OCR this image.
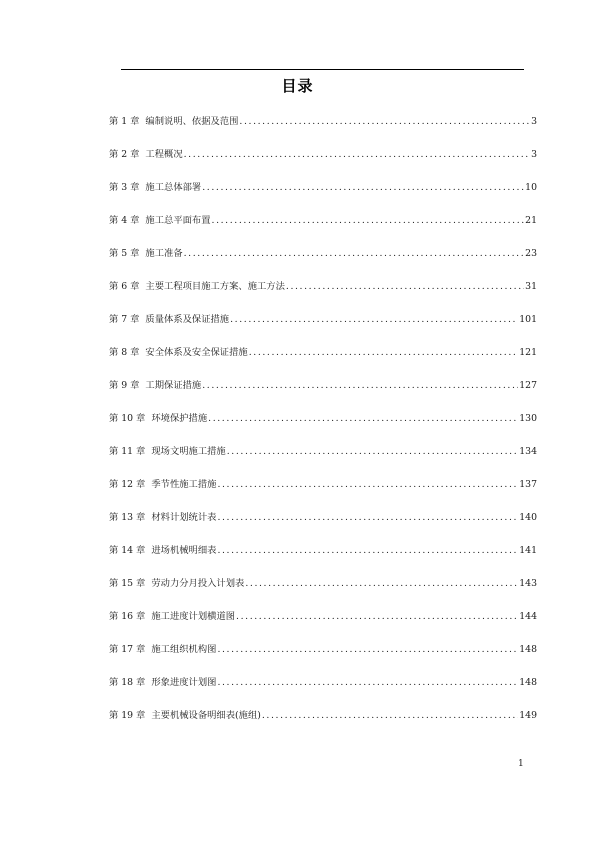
目录
第 1 章 编制说明、依据及范围 .....	3
第 2 章 工程概况 .....	3
第 3 章 施工总体部署 .....	10
第 4 章 施工总平面布置 .....	21
第 5 章 施工准备 .....	23
第 6 章 主要工程项目施工方案、施工方法 .....	31
第 7 章 质量体系及保证措施 .....	101
第 8 章 安全体系及安全保证措施 .....	121
第 9 章 工期保证措施 .....	127
第 10 章 环境保护措施 .....	130
第 11 章 现场文明施工措施 .....	134
第 12 章 季节性施工措施 .....	137
第 13 章 材料计划统计表 .....	140
第 14 章 进场机械明细表 .....	141
第 15 章 劳动力分月投入计划表 .....	143
第 16 章 施工进度计划横道图 .....	144
第 17 章 施工组织机构图 .....	148
第 18 章 形象进度计划图 .....	148
第 19 章 主要机械设备明细表(施组) .....	149
1
